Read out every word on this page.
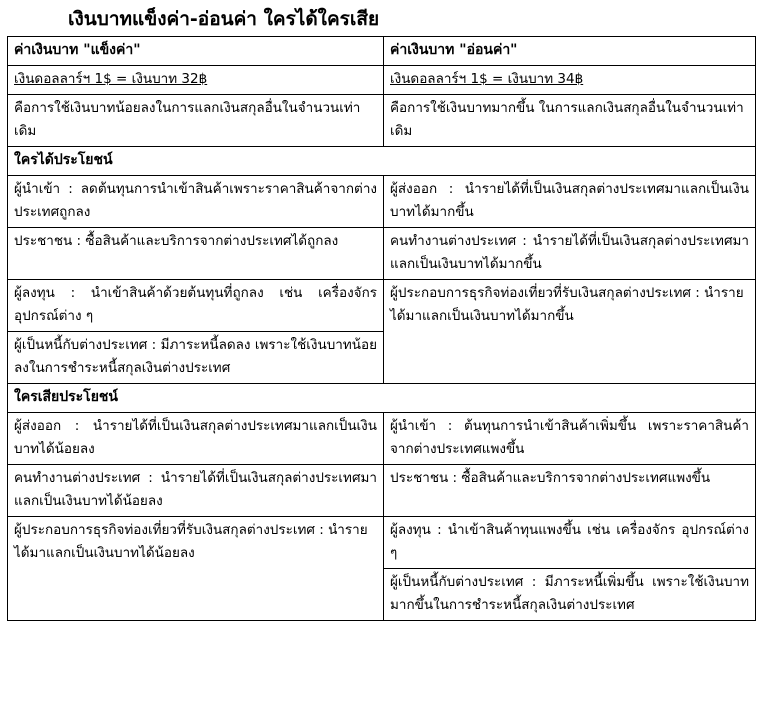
เงินบาทแข็งค่า-อ่อนค่า ใครได้ใครเสีย
ค่าเงินบาท "แข็งค่า"	ค่าเงินบาท "อ่อนค่า"
เงินดอลลาร์ฯ 1$ = เงินบาท 32฿	เงินดอลลาร์ฯ 1$ = เงินบาท 34฿
คือการใช้เงินบาทน้อยลงในการแลกเงินสกุลอื่นในจำนวนเท่าเดิม	คือการใช้เงินบาทมากขึ้น ในการแลกเงินสกุลอื่นในจำนวนเท่าเดิม
ใครได้ประโยชน์	
ผู้นำเข้า : ลดต้นทุนการนำเข้าสินค้าเพราะราคาสินค้าจากต่างประเทศถูกลง	ผู้ส่งออก : นำรายได้ที่เป็นเงินสกุลต่างประเทศมาแลกเป็นเงินบาทได้มากขึ้น
ประชาชน : ซื้อสินค้าและบริการจากต่างประเทศได้ถูกลง	คนทำงานต่างประเทศ : นำรายได้ที่เป็นเงินสกุลต่างประเทศมาแลกเป็นเงินบาทได้มากขึ้น
ผู้ลงทุน : นำเข้าสินค้าด้วยต้นทุนที่ถูกลง เช่น เครื่องจักร อุปกรณ์ต่าง ๆ	ผู้ประกอบการธุรกิจท่องเที่ยวที่รับเงินสกุลต่างประเทศ : นำรายได้มาแลกเป็นเงินบาทได้มากขึ้น
ผู้เป็นหนี้กับต่างประเทศ : มีภาระหนี้ลดลง เพราะใช้เงินบาทน้อยลงในการชำระหนี้สกุลเงินต่างประเทศ	
ใครเสียประโยชน์	
ผู้ส่งออก : นำรายได้ที่เป็นเงินสกุลต่างประเทศมาแลกเป็นเงินบาทได้น้อยลง	ผู้นำเข้า : ต้นทุนการนำเข้าสินค้าเพิ่มขึ้น เพราะราคาสินค้าจากต่างประเทศแพงขึ้น
คนทำงานต่างประเทศ : นำรายได้ที่เป็นเงินสกุลต่างประเทศมาแลกเป็นเงินบาทได้น้อยลง	ประชาชน : ซื้อสินค้าและบริการจากต่างประเทศแพงขึ้น
ผู้ประกอบการธุรกิจท่องเที่ยวที่รับเงินสกุลต่างประเทศ : นำรายได้มาแลกเป็นเงินบาทได้น้อยลง	ผู้ลงทุน : นำเข้าสินค้าทุนแพงขึ้น เช่น เครื่องจักร อุปกรณ์ต่าง ๆ
	ผู้เป็นหนี้กับต่างประเทศ : มีภาระหนี้เพิ่มขึ้น เพราะใช้เงินบาทมากขึ้นในการชำระหนี้สกุลเงินต่างประเทศ
